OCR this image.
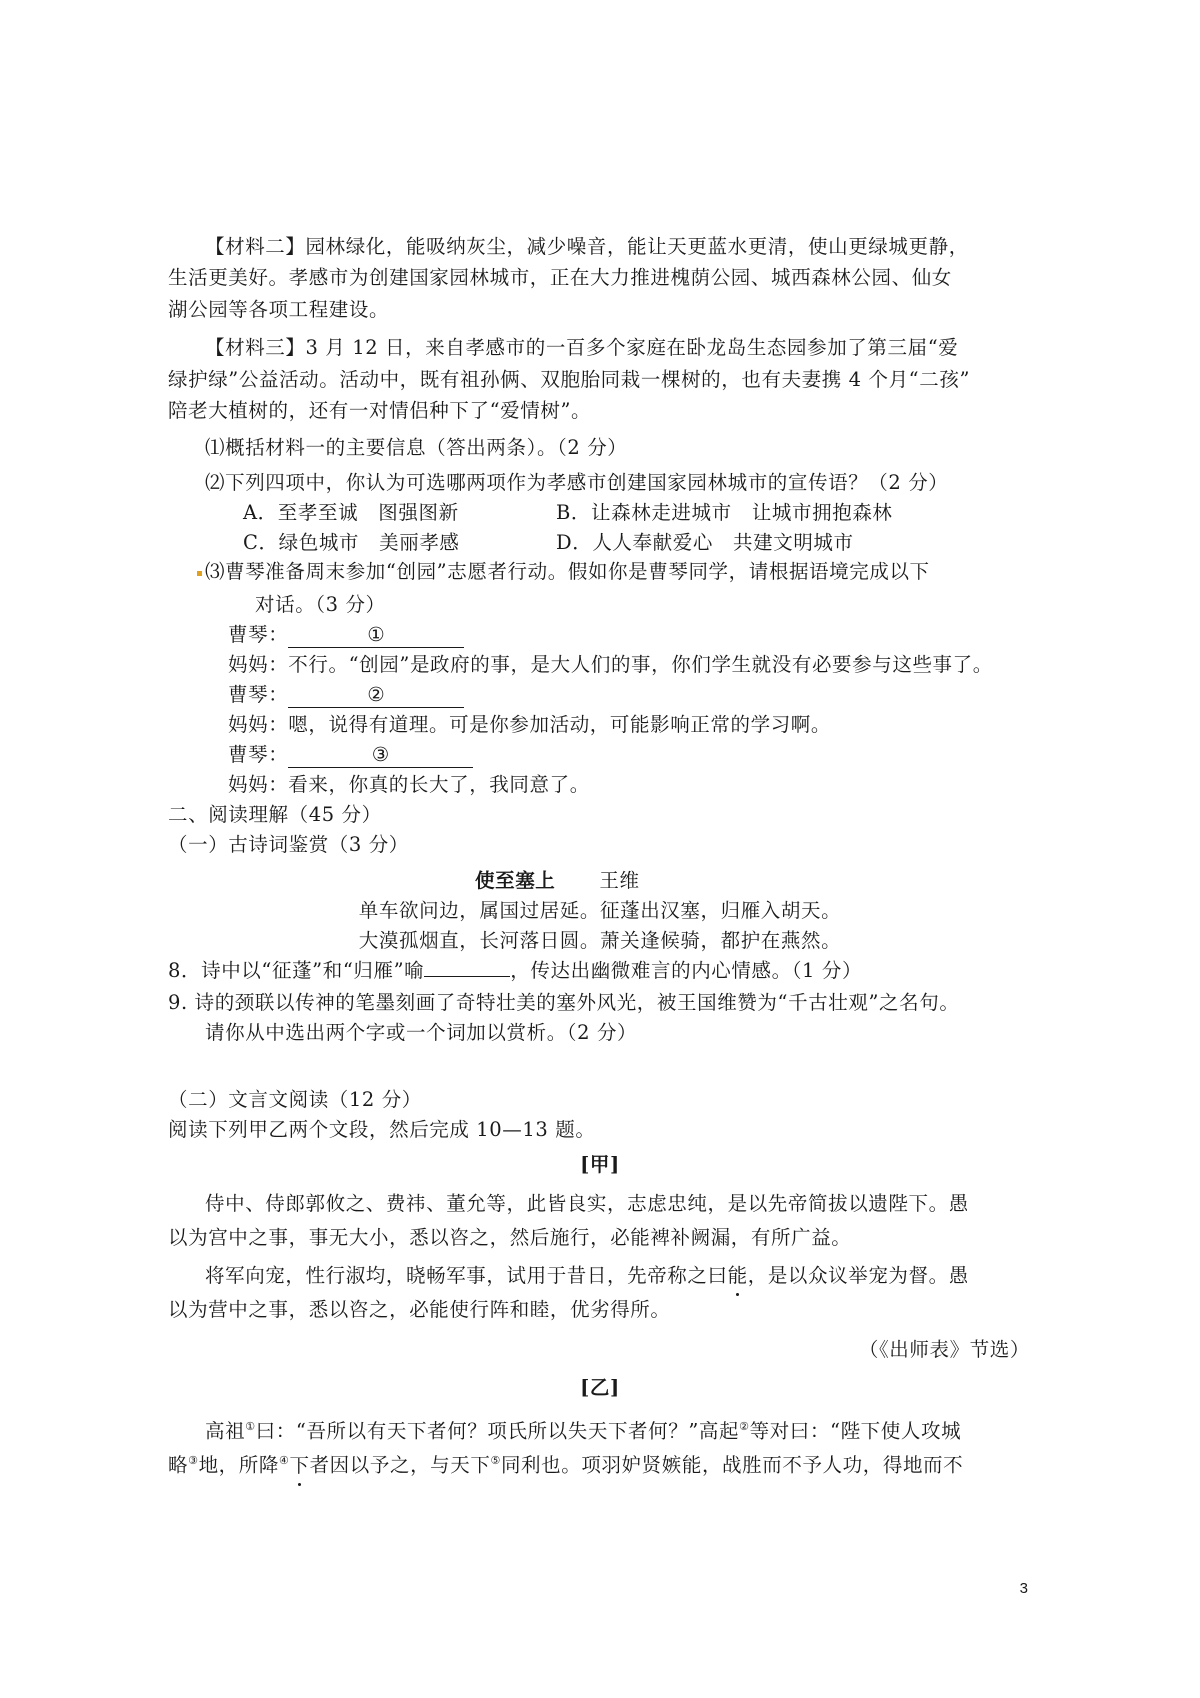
【材料二】园林绿化，能吸纳灰尘，减少噪音，能让天更蓝水更清，使山更绿城更静，
生活更美好。孝感市为创建国家园林城市，正在大力推进槐荫公园、城西森林公园、仙女
湖公园等各项工程建设。
【材料三】3 月 12 日，来自孝感市的一百多个家庭在卧龙岛生态园参加了第三届“爱
绿护绿”公益活动。活动中，既有祖孙俩、双胞胎同栽一棵树的，也有夫妻携 4 个月“二孩”
陪老大植树的，还有一对情侣种下了“爱情树”。
⑴概括材料一的主要信息（答出两条）。（2 分）
⑵下列四项中，你认为可选哪两项作为孝感市创建国家园林城市的宣传语？（2 分）
A．至孝至诚　图强图新	B．让森林走进城市　让城市拥抱森林
C．绿色城市　美丽孝感	D．人人奉献爱心　共建文明城市
⑶曹琴准备周末参加“创园”志愿者行动。假如你是曹琴同学，请根据语境完成以下
对话。（3 分）
曹琴：	①
妈妈：不行。“创园”是政府的事，是大人们的事，你们学生就没有必要参与这些事了。
曹琴：	②
妈妈：嗯，说得有道理。可是你参加活动，可能影响正常的学习啊。
曹琴：	③
妈妈：看来，你真的长大了，我同意了。
二、阅读理解（45 分）
（一）古诗词鉴赏（3 分）
使至塞上 王维
单车欲问边，属国过居延。征蓬出汉塞，归雁入胡天。
大漠孤烟直，长河落日圆。萧关逢候骑，都护在燕然。
8．诗中以“征蓬”和“归雁”喻	，传达出幽微难言的内心情感。（1 分）
9. 诗的颈联以传神的笔墨刻画了奇特壮美的塞外风光，被王国维赞为“千古壮观”之名句。
请你从中选出两个字或一个词加以赏析。（2 分）
（二）文言文阅读（12 分）
阅读下列甲乙两个文段，然后完成 10—13 题。
[甲]
侍中、侍郎郭攸之、费祎、董允等，此皆良实，志虑忠纯，是以先帝简拔以遗陛下。愚
以为宫中之事，事无大小，悉以咨之，然后施行，必能裨补阙漏，有所广益。
将军向宠，性行淑均，晓畅军事，试用于昔日，先帝称之曰能，是以众议举宠为督。愚
以为营中之事，悉以咨之，必能使行阵和睦，优劣得所。
（《出师表》节选）
[乙]
高祖①曰：“吾所以有天下者何？项氏所以失天下者何？”高起②等对曰：“陛下使人攻城
略③地，所降④下者因以予之，与天下⑤同利也。项羽妒贤嫉能，战胜而不予人功，得地而不
3
